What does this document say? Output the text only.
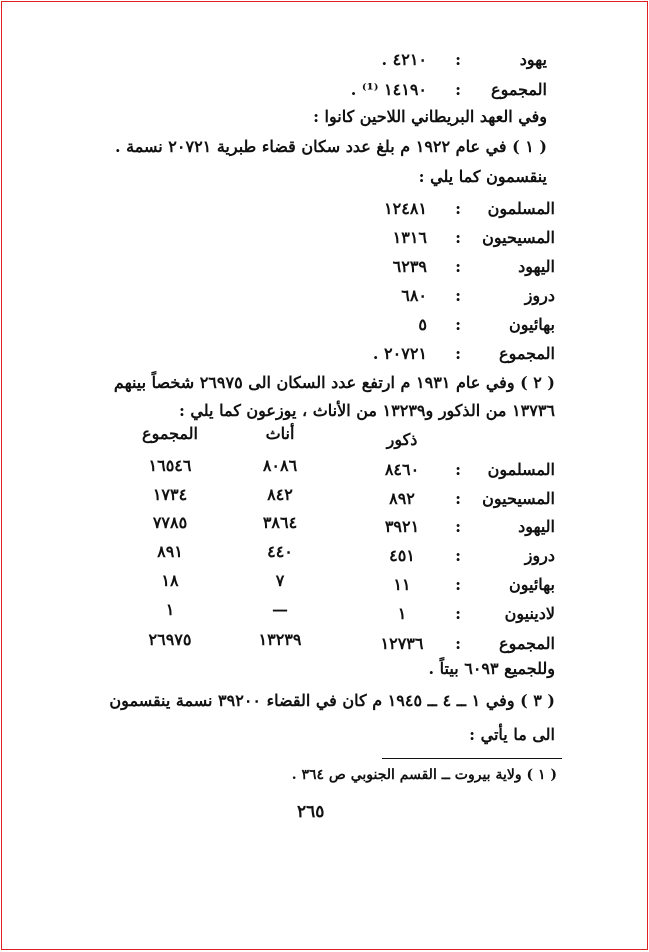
يهود
:
٤٢١٠ .
المجموع
:
١٤١٩٠ ⁽¹⁾ .
وفي العهد البريطاني اللاحين كانوا :
( ١ ) في عام ١٩٢٢ م بلغ عدد سكان قضاء طبرية ٢٠٧٢١ نسمة .
ينقسمون كما يلي :
المسلمون
:
١٢٤٨١
المسيحيون
:
١٣١٦
اليهود
:
٦٢٣٩
دروز
:
٦٨٠
بهائيون
:
٥
المجموع
:
٢٠٧٢١ .
( ٢ ) وفي عام ١٩٣١ م ارتفع عدد السكان الى ٢٦٩٧٥ شخصاً بينهم
١٣٧٣٦ من الذكور و١٣٢٣٩ من الأناث ، يوزعون كما يلي :
ذكور
أناث
المجموع
المسلمون
:
٨٤٦٠
٨٠٨٦
١٦٥٤٦
المسيحيون
:
٨٩٢
٨٤٢
١٧٣٤
اليهود
:
٣٩٢١
٣٨٦٤
٧٧٨٥
دروز
:
٤٥١
٤٤٠
٨٩١
بهائيون
:
١١
٧
١٨
لادينيون
:
١
—
١
المجموع
:
١٢٧٣٦
١٣٢٣٩
٢٦٩٧٥
وللجميع ٦٠٩٣ بيتاً .
( ٣ ) وفي ١ ــ ٤ ــ ١٩٤٥ م كان في القضاء ٣٩٢٠٠ نسمة ينقسمون
الى ما يأتي :
( ١ ) ولاية بيروت ــ القسم الجنوبي ص ٣٦٤ .
٢٦٥
